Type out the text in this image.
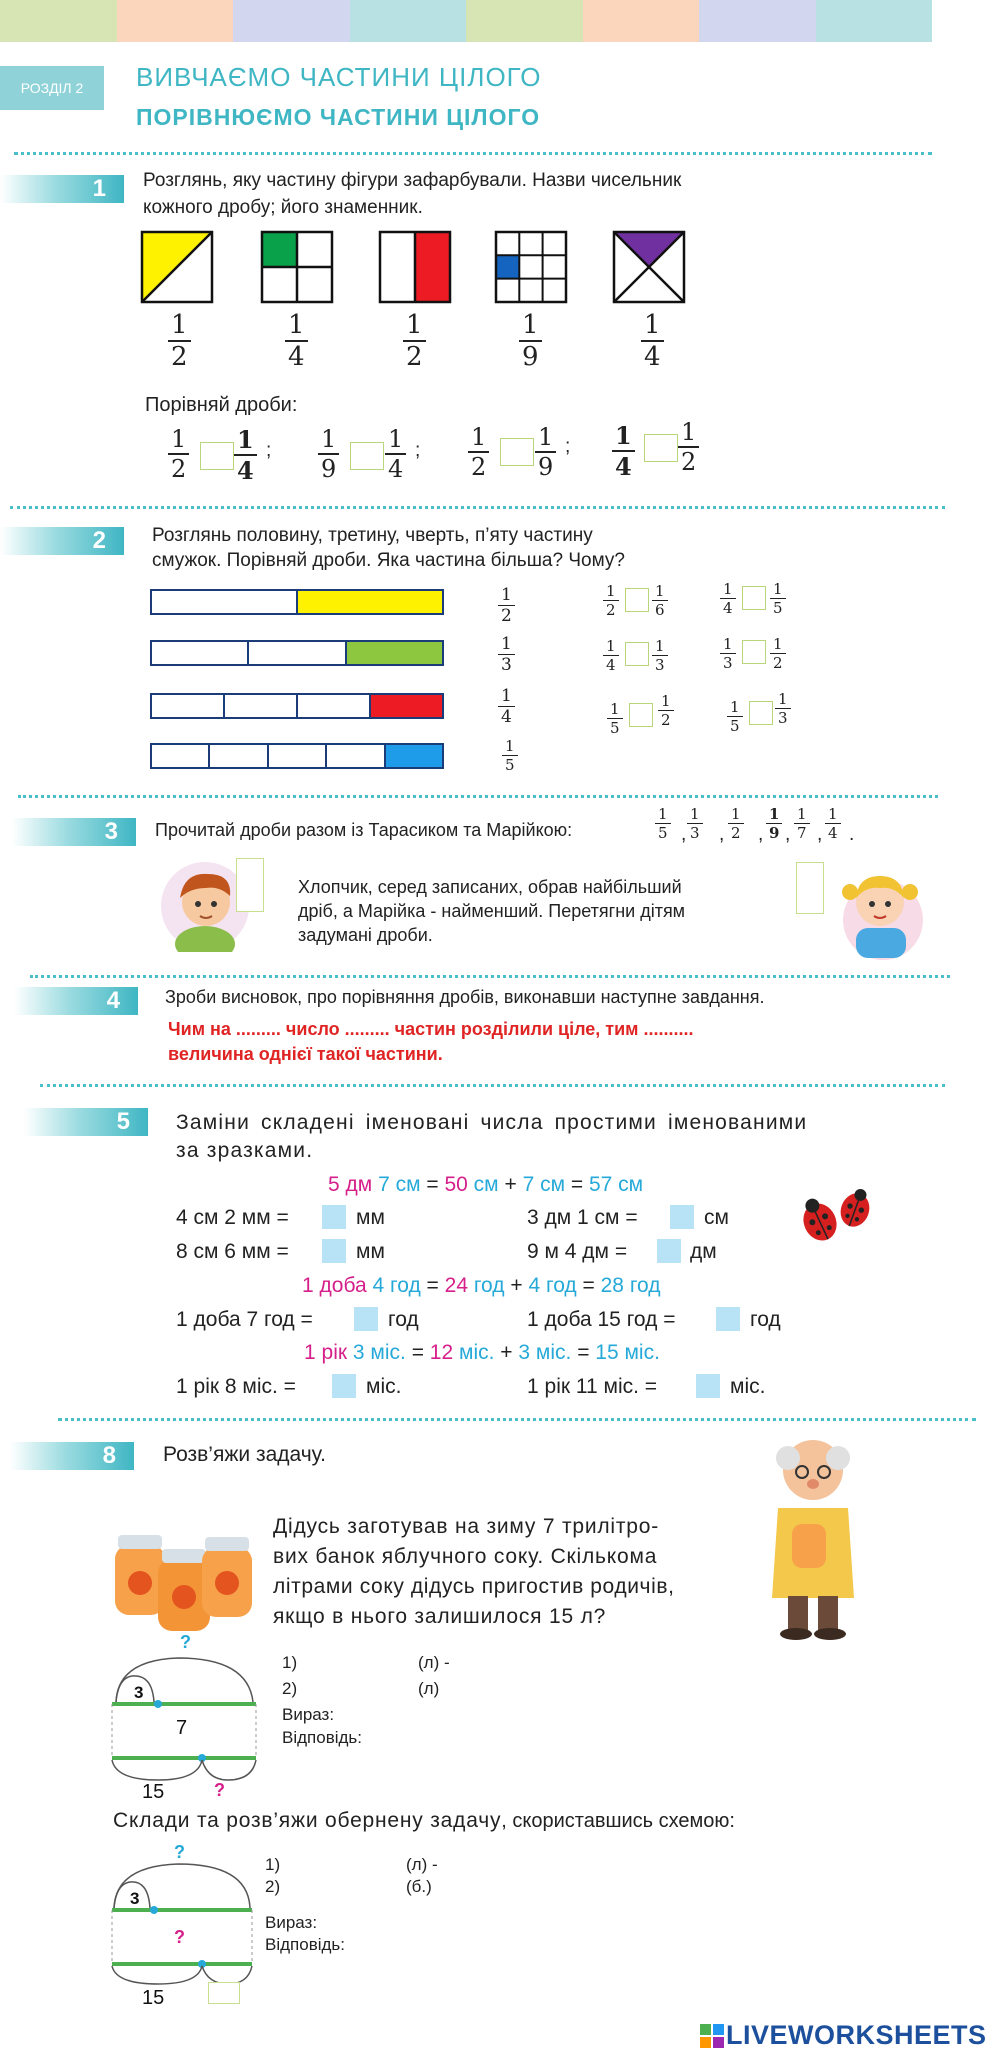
РОЗДІЛ 2	ВИВЧАЄМО ЧАСТИНИ ЦІЛОГО
ПОРІВНЮЄМО ЧАСТИНИ ЦІЛОГО
1 Розглянь, яку частину фігури зафарбували. Назви чисельник
кожного дробу; його знаменник.
$\frac{1}{2}$	$\frac{1}{4}$	$\frac{1}{2}$	$\frac{1}{9}$	$\frac{1}{4}$
Порівняй дроби:
$\frac{1}{2} \frac{1}{4}$ ; $\frac{1}{9} \frac{1}{4}$ ; $\frac{1}{2} \frac{1}{9}$ ; $\frac{1}{4} \frac{1}{2}$
2 Розглянь половину, третину, чверть, п’яту частину
смужок. Порівняй дроби. Яка частина більша? Чому?
$\frac{1}{2}$
$\frac{1}{3}$
$\frac{1}{4}$
$\frac{1}{5}$
$\frac{1}{2} \frac{1}{6}$	$\frac{1}{4} \frac{1}{5}$
$\frac{1}{4} \frac{1}{3}$	$\frac{1}{3} \frac{1}{2}$
$\frac{1}{5} \frac{1}{2}$	$\frac{1}{5} \frac{1}{3}$
3 Прочитай дроби разом із Тарасиком та Марійкою:	$\frac{1}{5} \frac{1}{3} \frac{1}{2} \frac{1}{9} \frac{1}{7} \frac{1}{4}$
, , , , , .
Хлопчик, серед записаних, обрав найбільший
дріб, а Марійка - найменший. Перетягни дітям
задумані дроби.
4	Зроби висновок, про порівняння дробів, виконавши наступне завдання.
Чим на ......... число ......... частин розділили ціле, тим ..........
величина однієї такої частини.
5 Заміни складені іменовані числа простими іменованими
за зразками.
5 дм 7 см = 50 см + 7 см = 57 см
4 см 2 мм =	мм	3 дм 1 см =	см
8 см 6 мм =	мм	9 м 4 дм =	дм
1 доба 4 год = 24 год + 4 год = 28 год
1 доба 7 год =	год	1 доба 15 год =	год
1 рік 3 міс. = 12 міс. + 3 міс. = 15 міс.
1 рік 8 міс. =	міс.	1 рік 11 міс. =	міс.
8 Розв’яжи задачу.
Дідусь заготував на зиму 7 трилітро-
вих банок яблучного соку. Скількома
літрами соку дідусь пригостив родичів,
якщо в нього залишилося 15 л?
?
3
7
15	?
1)	(л) -
2)	(л)
Вираз:
Відповідь:
Склади та розв’яжи обернену задачу, скориставшись схемою:
?
3
?
15
1)	(л) -
2)	(б.)
Вираз:
Відповідь:
LIVEWORKSHEETS
